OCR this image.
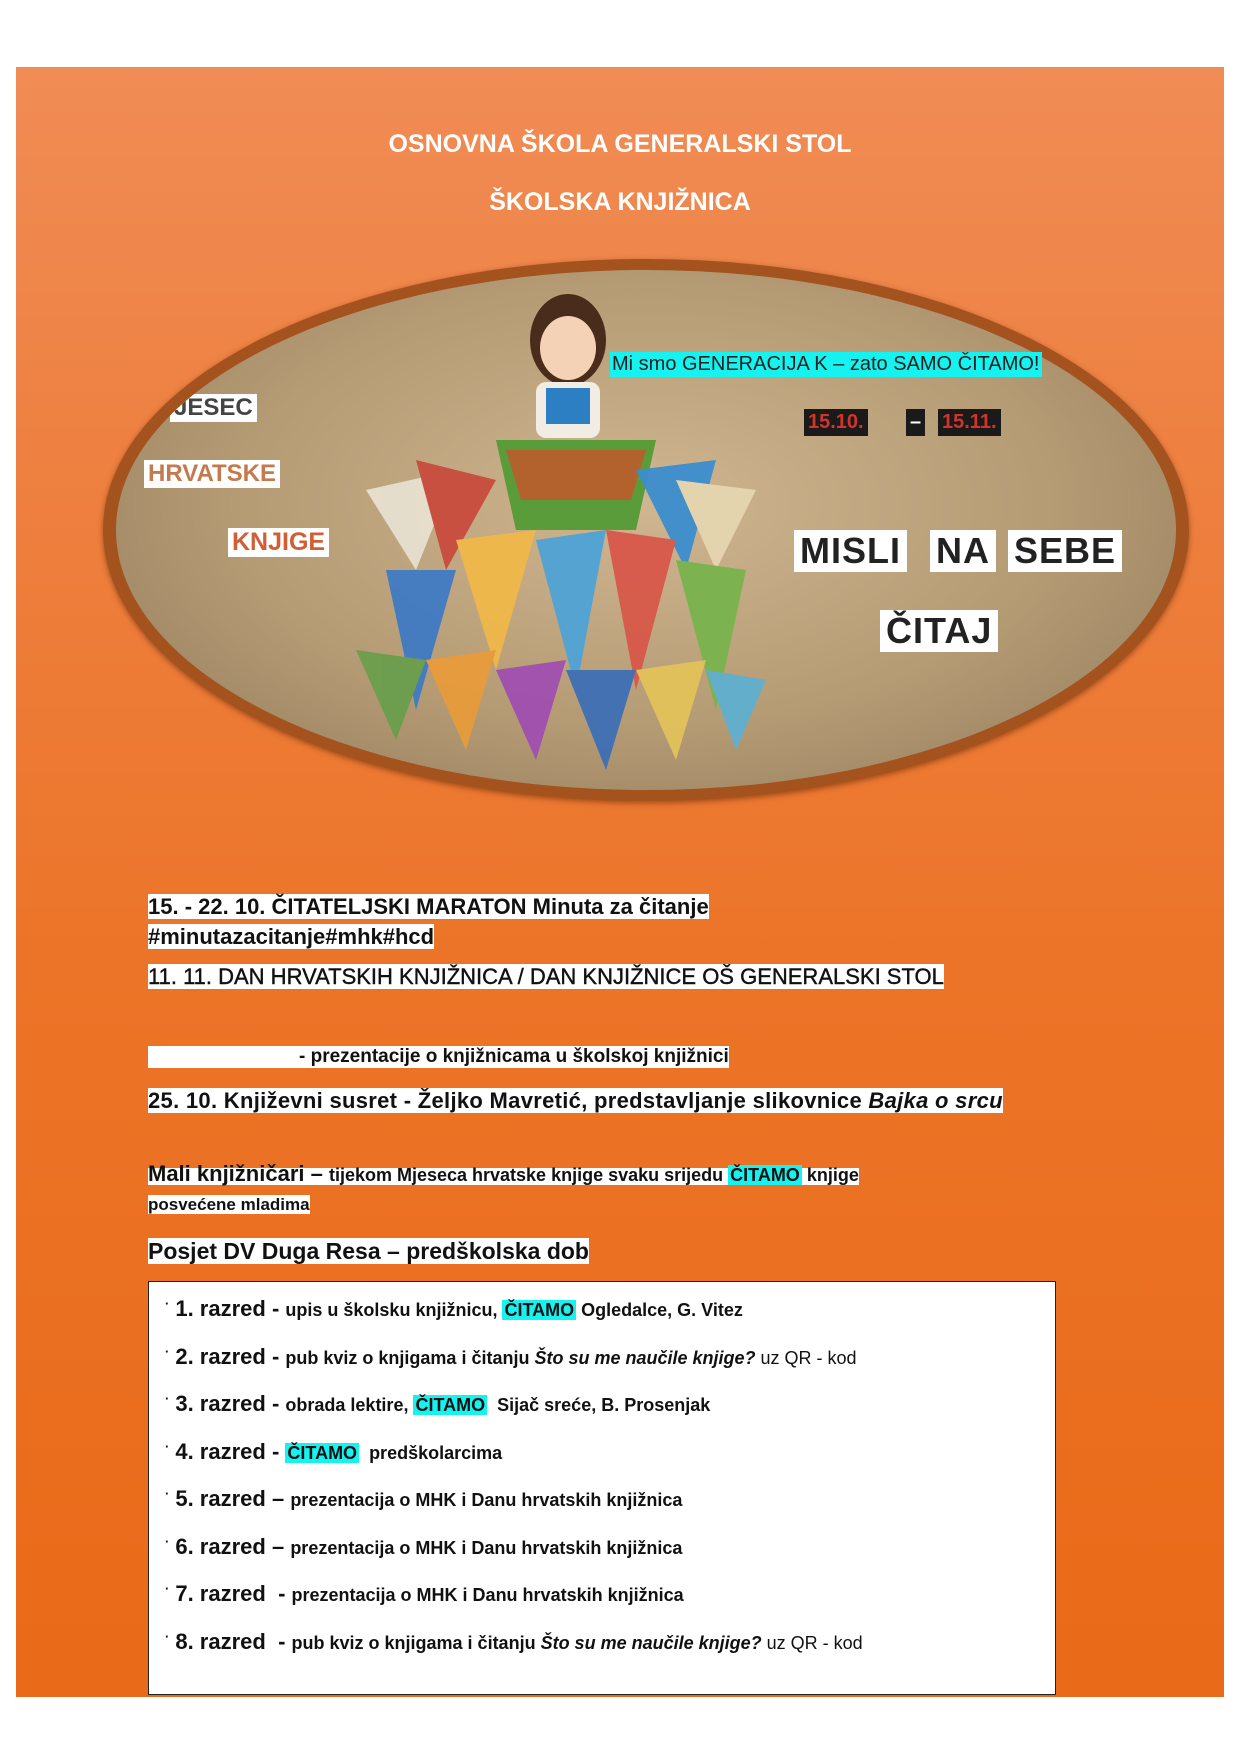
OSNOVNA ŠKOLA GENERALSKI STOL
ŠKOLSKA KNJIŽNICA
JESEC
HRVATSKE
KNJIGE
15.10. – 15.11.
MISLI NA SEBE
ČITAJ
Mi smo GENERACIJA K – zato SAMO ČITAMO!
15. - 22. 10. ČITATELJSKI MARATON Minuta za čitanje
#minutazacitanje#mhk#hcd
11. 11. DAN HRVATSKIH KNJIŽNICA / DAN KNJIŽNICE OŠ GENERALSKI STOL
- prezentacije o knjižnicama u školskoj knjižnici
25. 10. Književni susret - Željko Mavretić, predstavljanje slikovnice Bajka o srcu
Mali knjižničari – tijekom Mjeseca hrvatske knjige svaku srijedu ČITAMO knjige
posvećene mladima
Posjet DV Duga Resa – predškolska dob
· 1. razred - upis u školsku knjižnicu, ČITAMO Ogledalce, G. Vitez
· 2. razred - pub kviz o knjigama i čitanju Što su me naučile knjige? uz QR - kod
· 3. razred - obrada lektire, ČITAMO  Sijač sreće, B. Prosenjak
· 4. razred - ČITAMO  predškolarcima
· 5. razred – prezentacija o MHK i Danu hrvatskih knjižnica
· 6. razred – prezentacija o MHK i Danu hrvatskih knjižnica
· 7. razred  - prezentacija o MHK i Danu hrvatskih knjižnica
· 8. razred  - pub kviz o knjigama i čitanju Što su me naučile knjige? uz QR - kod
